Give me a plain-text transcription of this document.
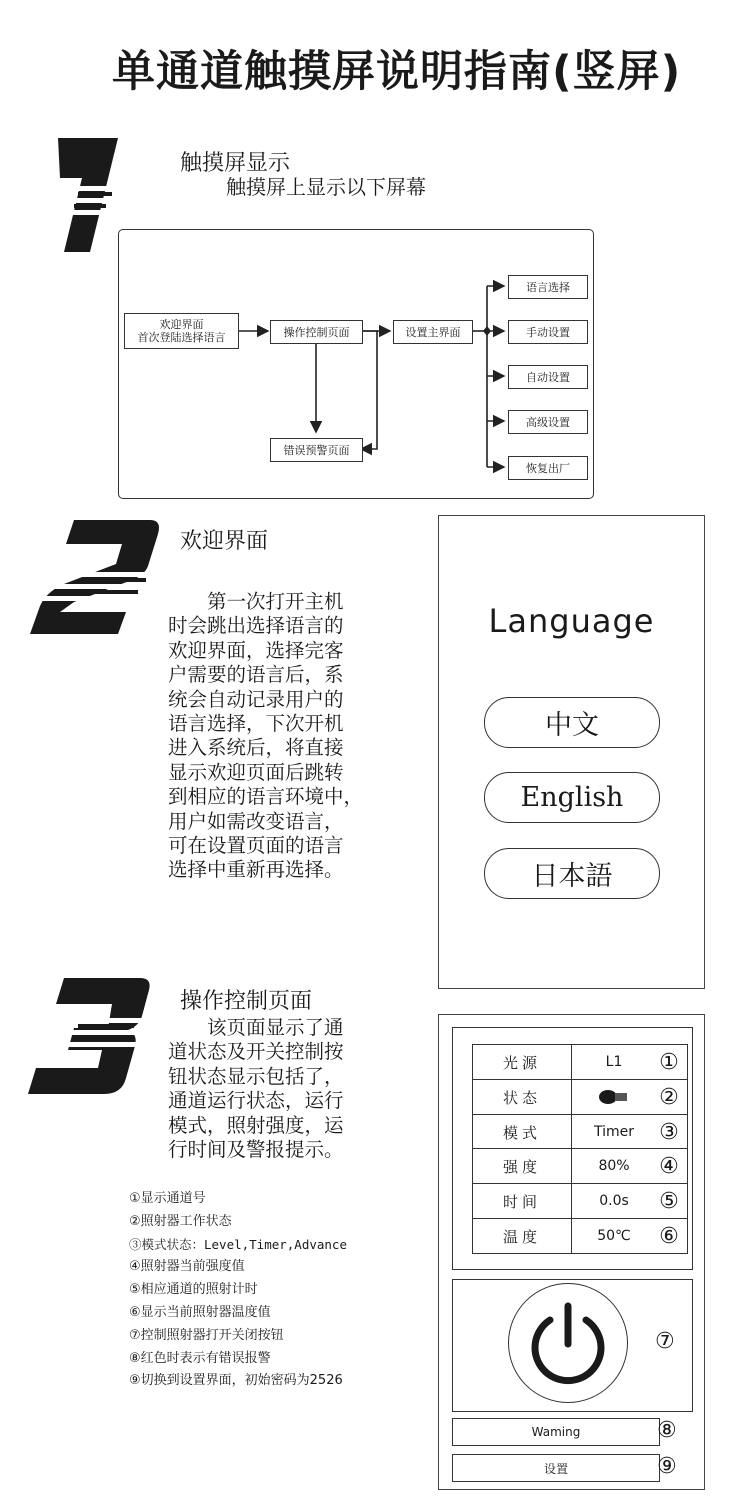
单通道触摸屏说明指南(竖屏)
触摸屏显示
触摸屏上显示以下屏幕
欢迎界面
首次登陆选择语言	操作控制页面	设置主界面
错误预警页面
语言选择
手动设置
自动设置
高级设置
恢复出厂
欢迎界面
　　第一次打开主机
时会跳出选择语言的
欢迎界面，选择完客
户需要的语言后，系
统会自动记录用户的
语言选择，下次开机
进入系统后，将直接
显示欢迎页面后跳转
到相应的语言环境中，
用户如需改变语言，
可在设置页面的语言
选择中重新再选择。
Language
中文
English
日本語
操作控制页面
　　该页面显示了通
道状态及开关控制按
钮状态显示包括了，
通道运行状态，运行
模式，照射强度，运
行时间及警报提示。
①显示通道号
②照射器工作状态
③模式状态：Level,Timer,Advance
④照射器当前强度值
⑤相应通道的照射计时
⑥显示当前照射器温度值
⑦控制照射器打开关闭按钮
⑧红色时表示有错误报警
⑨切换到设置界面，初始密码为2526
光源	L1	①
状态	②
模式	Timer	③
强度	80%	④
时间	0.0s	⑤
温度	50℃	⑥
⑦
Waming	⑧
设置	⑨
